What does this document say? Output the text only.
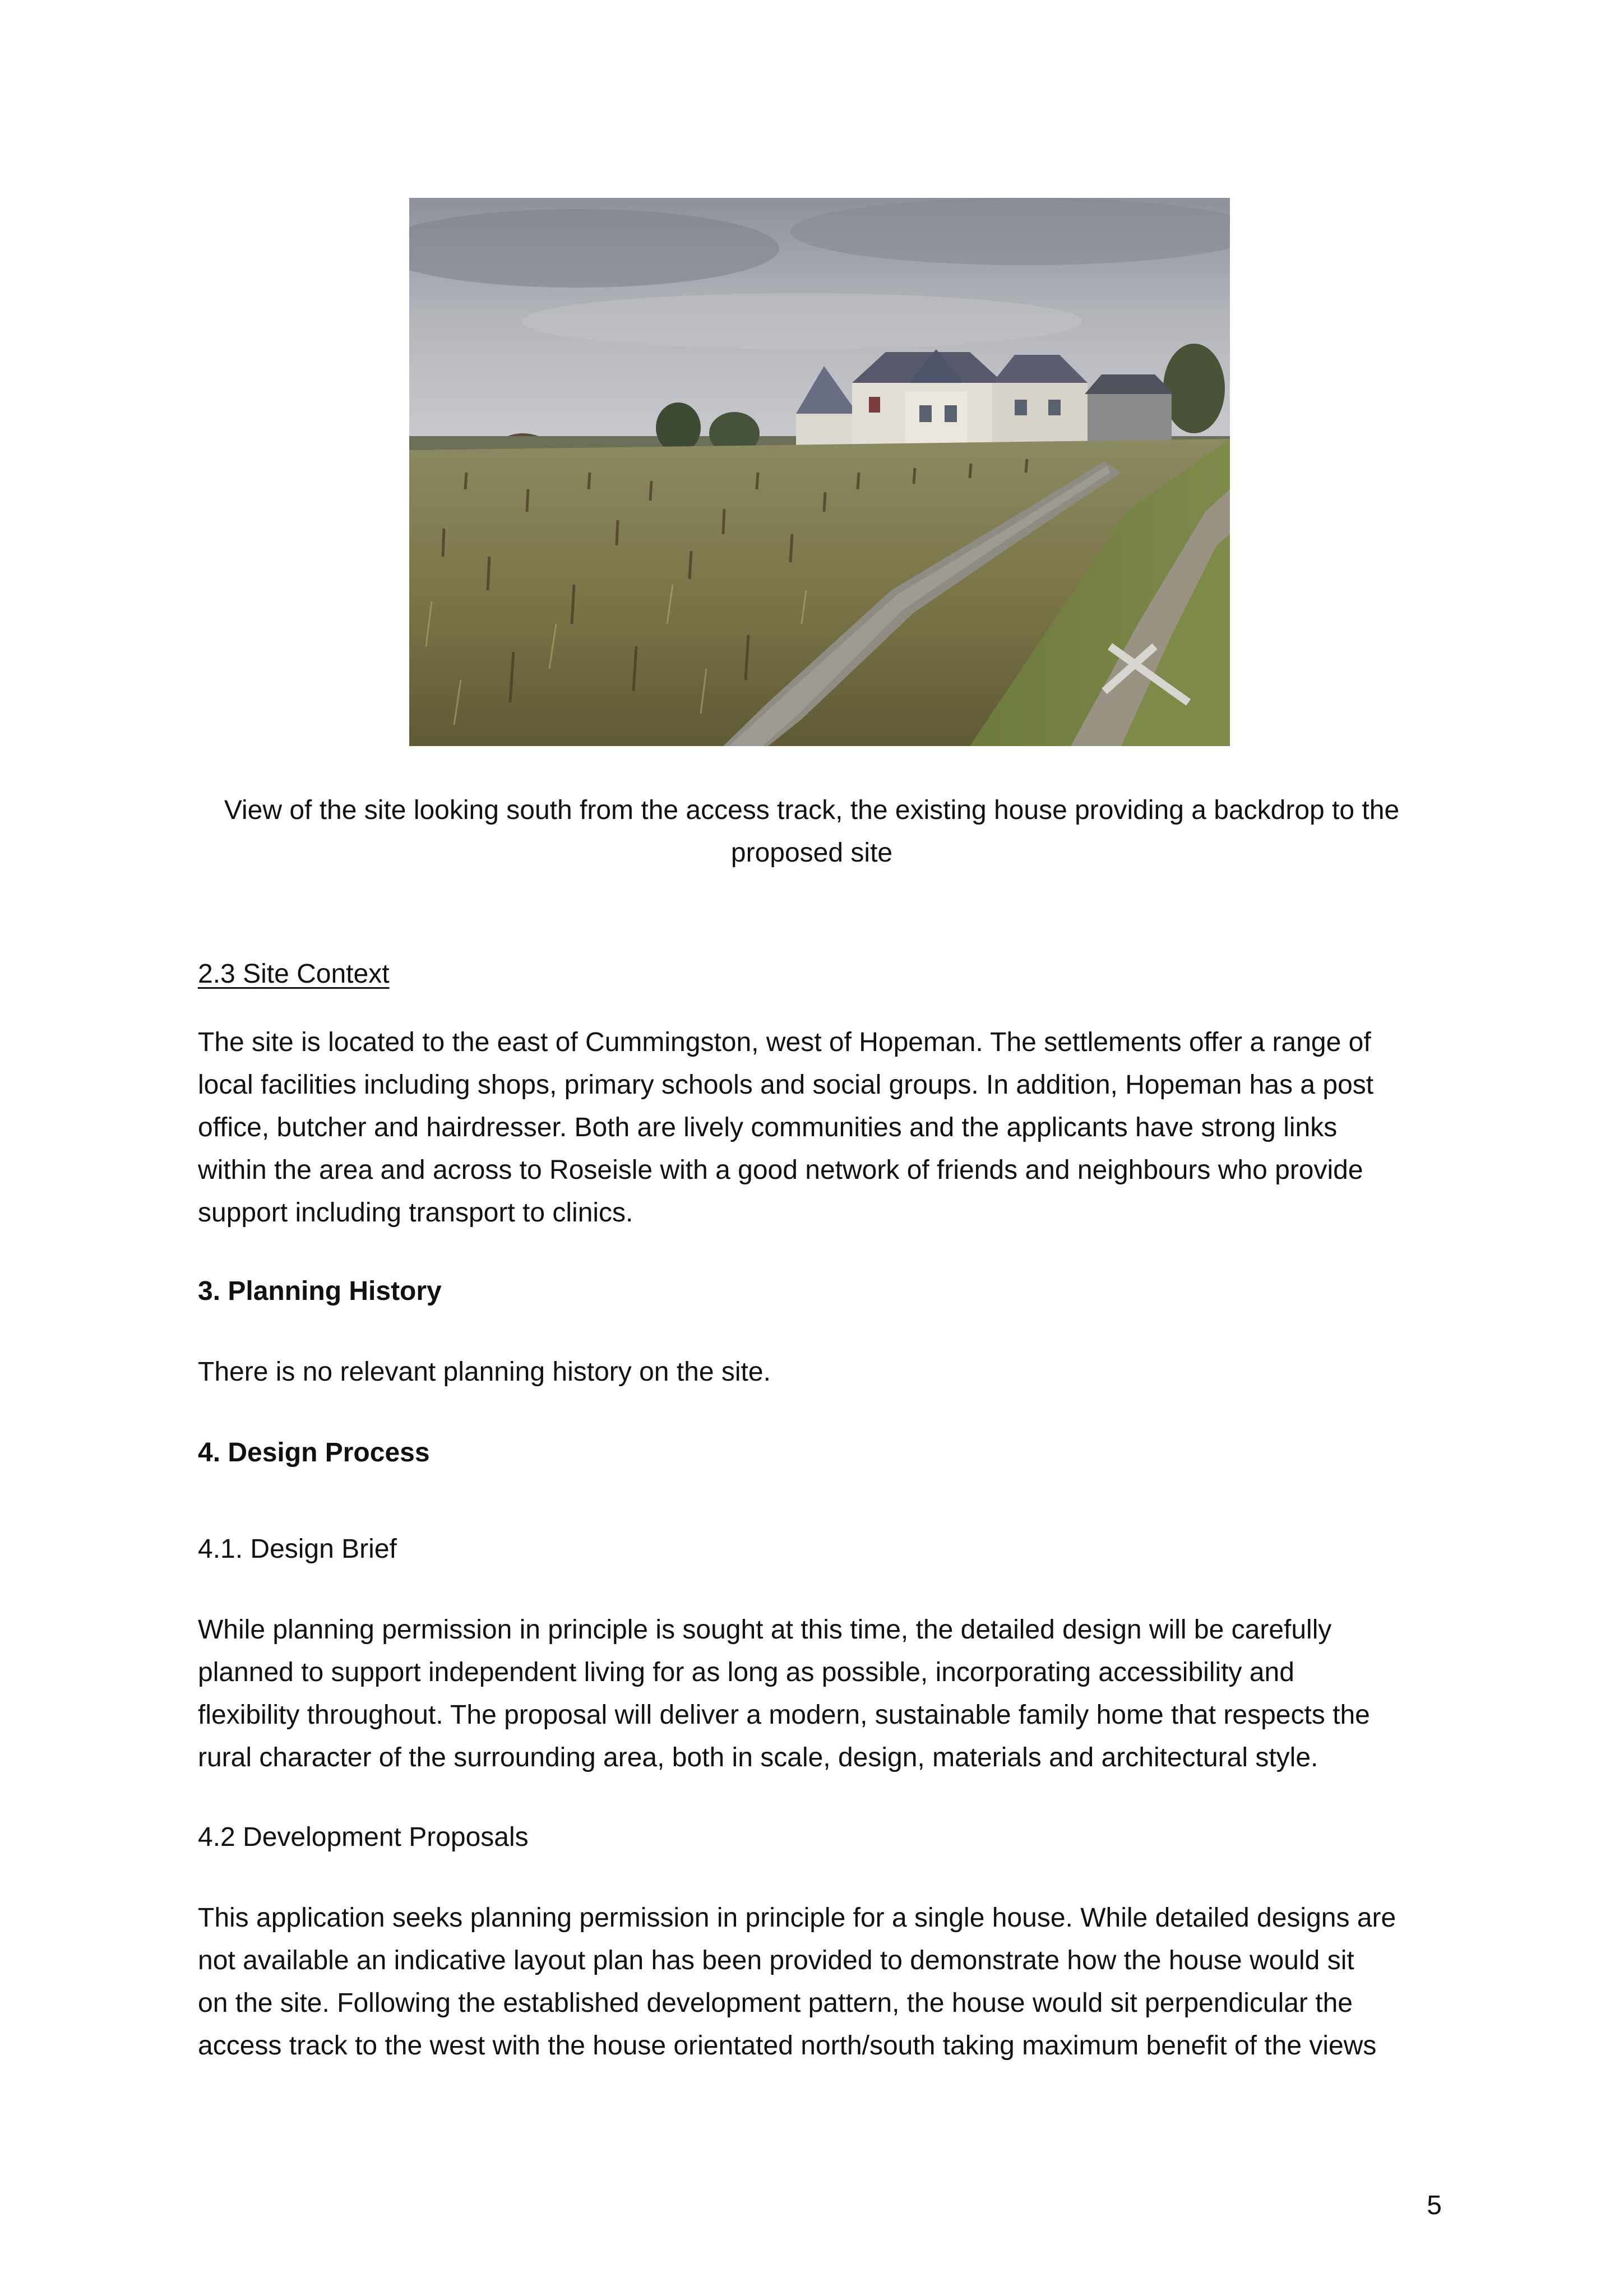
View of the site looking south from the access track, the existing house providing a backdrop to the
proposed site

2.3 Site Context

The site is located to the east of Cummingston, west of Hopeman. The settlements offer a range of
local facilities including shops, primary schools and social groups. In addition, Hopeman has a post
office, butcher and hairdresser. Both are lively communities and the applicants have strong links
within the area and across to Roseisle with a good network of friends and neighbours who provide
support including transport to clinics.

3. Planning History

There is no relevant planning history on the site.

4. Design Process

4.1. Design Brief

While planning permission in principle is sought at this time, the detailed design will be carefully
planned to support independent living for as long as possible, incorporating accessibility and
flexibility throughout. The proposal will deliver a modern, sustainable family home that respects the
rural character of the surrounding area, both in scale, design, materials and architectural style.

4.2 Development Proposals

This application seeks planning permission in principle for a single house. While detailed designs are
not available an indicative layout plan has been provided to demonstrate how the house would sit
on the site. Following the established development pattern, the house would sit perpendicular the
access track to the west with the house orientated north/south taking maximum benefit of the views
5
